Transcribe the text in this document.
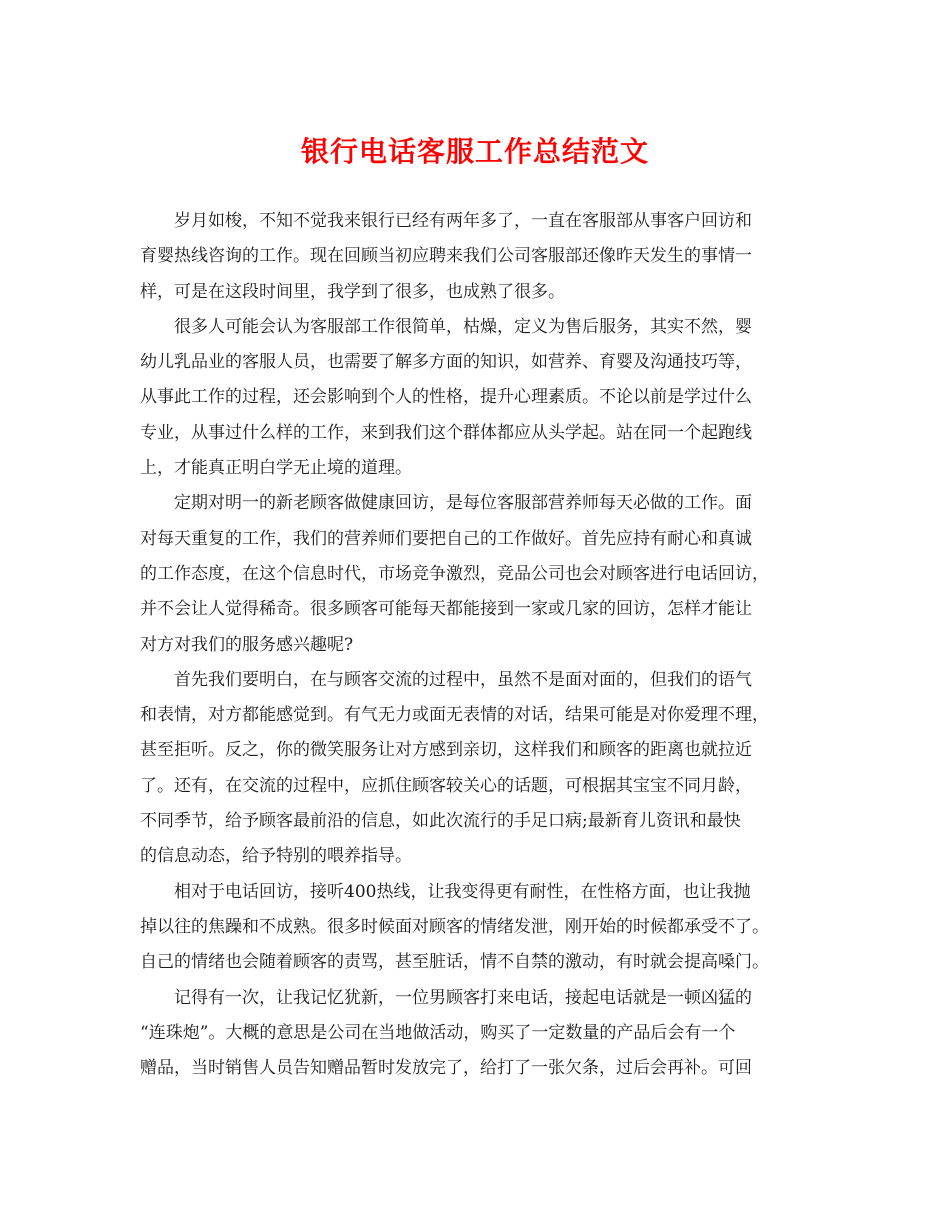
银行电话客服工作总结范文
岁月如梭，不知不觉我来银行已经有两年多了，一直在客服部从事客户回访和
育婴热线咨询的工作。现在回顾当初应聘来我们公司客服部还像昨天发生的事情一
样，可是在这段时间里，我学到了很多，也成熟了很多。
很多人可能会认为客服部工作很简单，枯燥，定义为售后服务，其实不然，婴
幼儿乳品业的客服人员，也需要了解多方面的知识，如营养、育婴及沟通技巧等，
从事此工作的过程，还会影响到个人的性格，提升心理素质。不论以前是学过什么
专业，从事过什么样的工作，来到我们这个群体都应从头学起。站在同一个起跑线
上，才能真正明白学无止境的道理。
定期对明一的新老顾客做健康回访，是每位客服部营养师每天必做的工作。面
对每天重复的工作，我们的营养师们要把自己的工作做好。首先应持有耐心和真诚
的工作态度，在这个信息时代，市场竞争激烈，竞品公司也会对顾客进行电话回访，
并不会让人觉得稀奇。很多顾客可能每天都能接到一家或几家的回访，怎样才能让
对方对我们的服务感兴趣呢?
首先我们要明白，在与顾客交流的过程中，虽然不是面对面的，但我们的语气
和表情，对方都能感觉到。有气无力或面无表情的对话，结果可能是对你爱理不理，
甚至拒听。反之，你的微笑服务让对方感到亲切，这样我们和顾客的距离也就拉近
了。还有，在交流的过程中，应抓住顾客较关心的话题，可根据其宝宝不同月龄，
不同季节，给予顾客最前沿的信息，如此次流行的手足口病;最新育儿资讯和最快
的信息动态，给予特别的喂养指导。
相对于电话回访，接听400热线，让我变得更有耐性，在性格方面，也让我抛
掉以往的焦躁和不成熟。很多时候面对顾客的情绪发泄，刚开始的时候都承受不了。
自己的情绪也会随着顾客的责骂，甚至脏话，情不自禁的激动，有时就会提高嗓门。
记得有一次，让我记忆犹新，一位男顾客打来电话，接起电话就是一顿凶猛的
“连珠炮”。大概的意思是公司在当地做活动，购买了一定数量的产品后会有一个
赠品，当时销售人员告知赠品暂时发放完了，给打了一张欠条，过后会再补。可回
